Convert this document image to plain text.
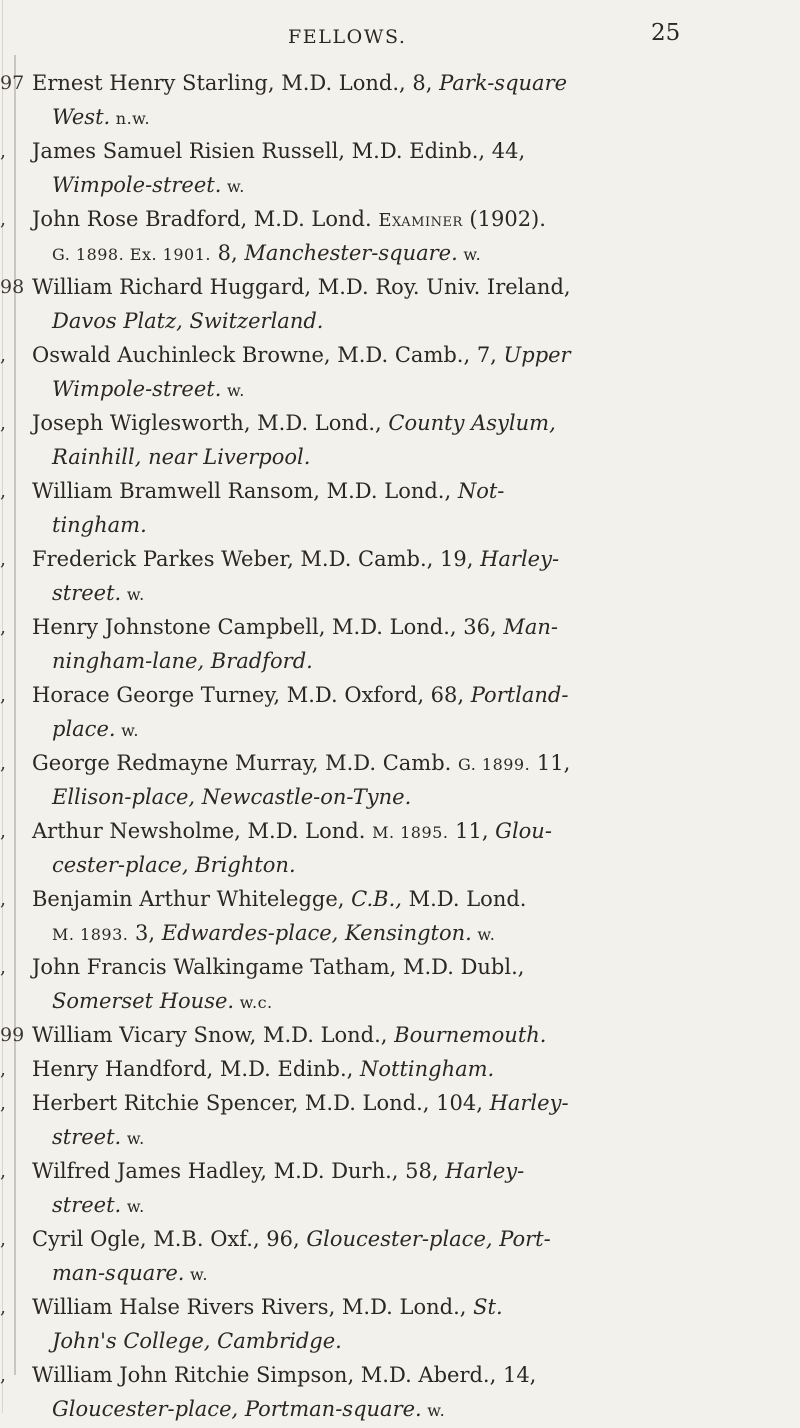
FELLOWS.	25
97 Ernest Henry Starling, M.D. Lond., 8, Park-square
West. n.w.
,	James Samuel Risien Russell, M.D. Edinb., 44,
Wimpole-street. w.
,	John Rose Bradford, M.D. Lond. Examiner (1902).
G. 1898. Ex. 1901. 8, Manchester-square. w.
98 William Richard Huggard, M.D. Roy. Univ. Ireland,
Davos Platz, Switzerland.
,	Oswald Auchinleck Browne, M.D. Camb., 7, Upper
Wimpole-street. w.
,	Joseph Wiglesworth, M.D. Lond., County Asylum,
Rainhill, near Liverpool.
,	William Bramwell Ransom, M.D. Lond., Not-
tingham.
,	Frederick Parkes Weber, M.D. Camb., 19, Harley-
street. w.
,	Henry Johnstone Campbell, M.D. Lond., 36, Man-
ningham-lane, Bradford.
,	Horace George Turney, M.D. Oxford, 68, Portland-
place. w.
,	George Redmayne Murray, M.D. Camb. G. 1899. 11,
Ellison-place, Newcastle-on-Tyne.
,	Arthur Newsholme, M.D. Lond. M. 1895. 11, Glou-
cester-place, Brighton.
,	Benjamin Arthur Whitelegge, C.B., M.D. Lond.
M. 1893. 3, Edwardes-place, Kensington. w.
,	John Francis Walkingame Tatham, M.D. Dubl.,
Somerset House. w.c.
99 William Vicary Snow, M.D. Lond., Bournemouth.
,	Henry Handford, M.D. Edinb., Nottingham.
,	Herbert Ritchie Spencer, M.D. Lond., 104, Harley-
street. w.
,	Wilfred James Hadley, M.D. Durh., 58, Harley-
street. w.
,	Cyril Ogle, M.B. Oxf., 96, Gloucester-place, Port-
man-square. w.
,	William Halse Rivers Rivers, M.D. Lond., St.
John's College, Cambridge.
,	William John Ritchie Simpson, M.D. Aberd., 14,
Gloucester-place, Portman-square. w.
